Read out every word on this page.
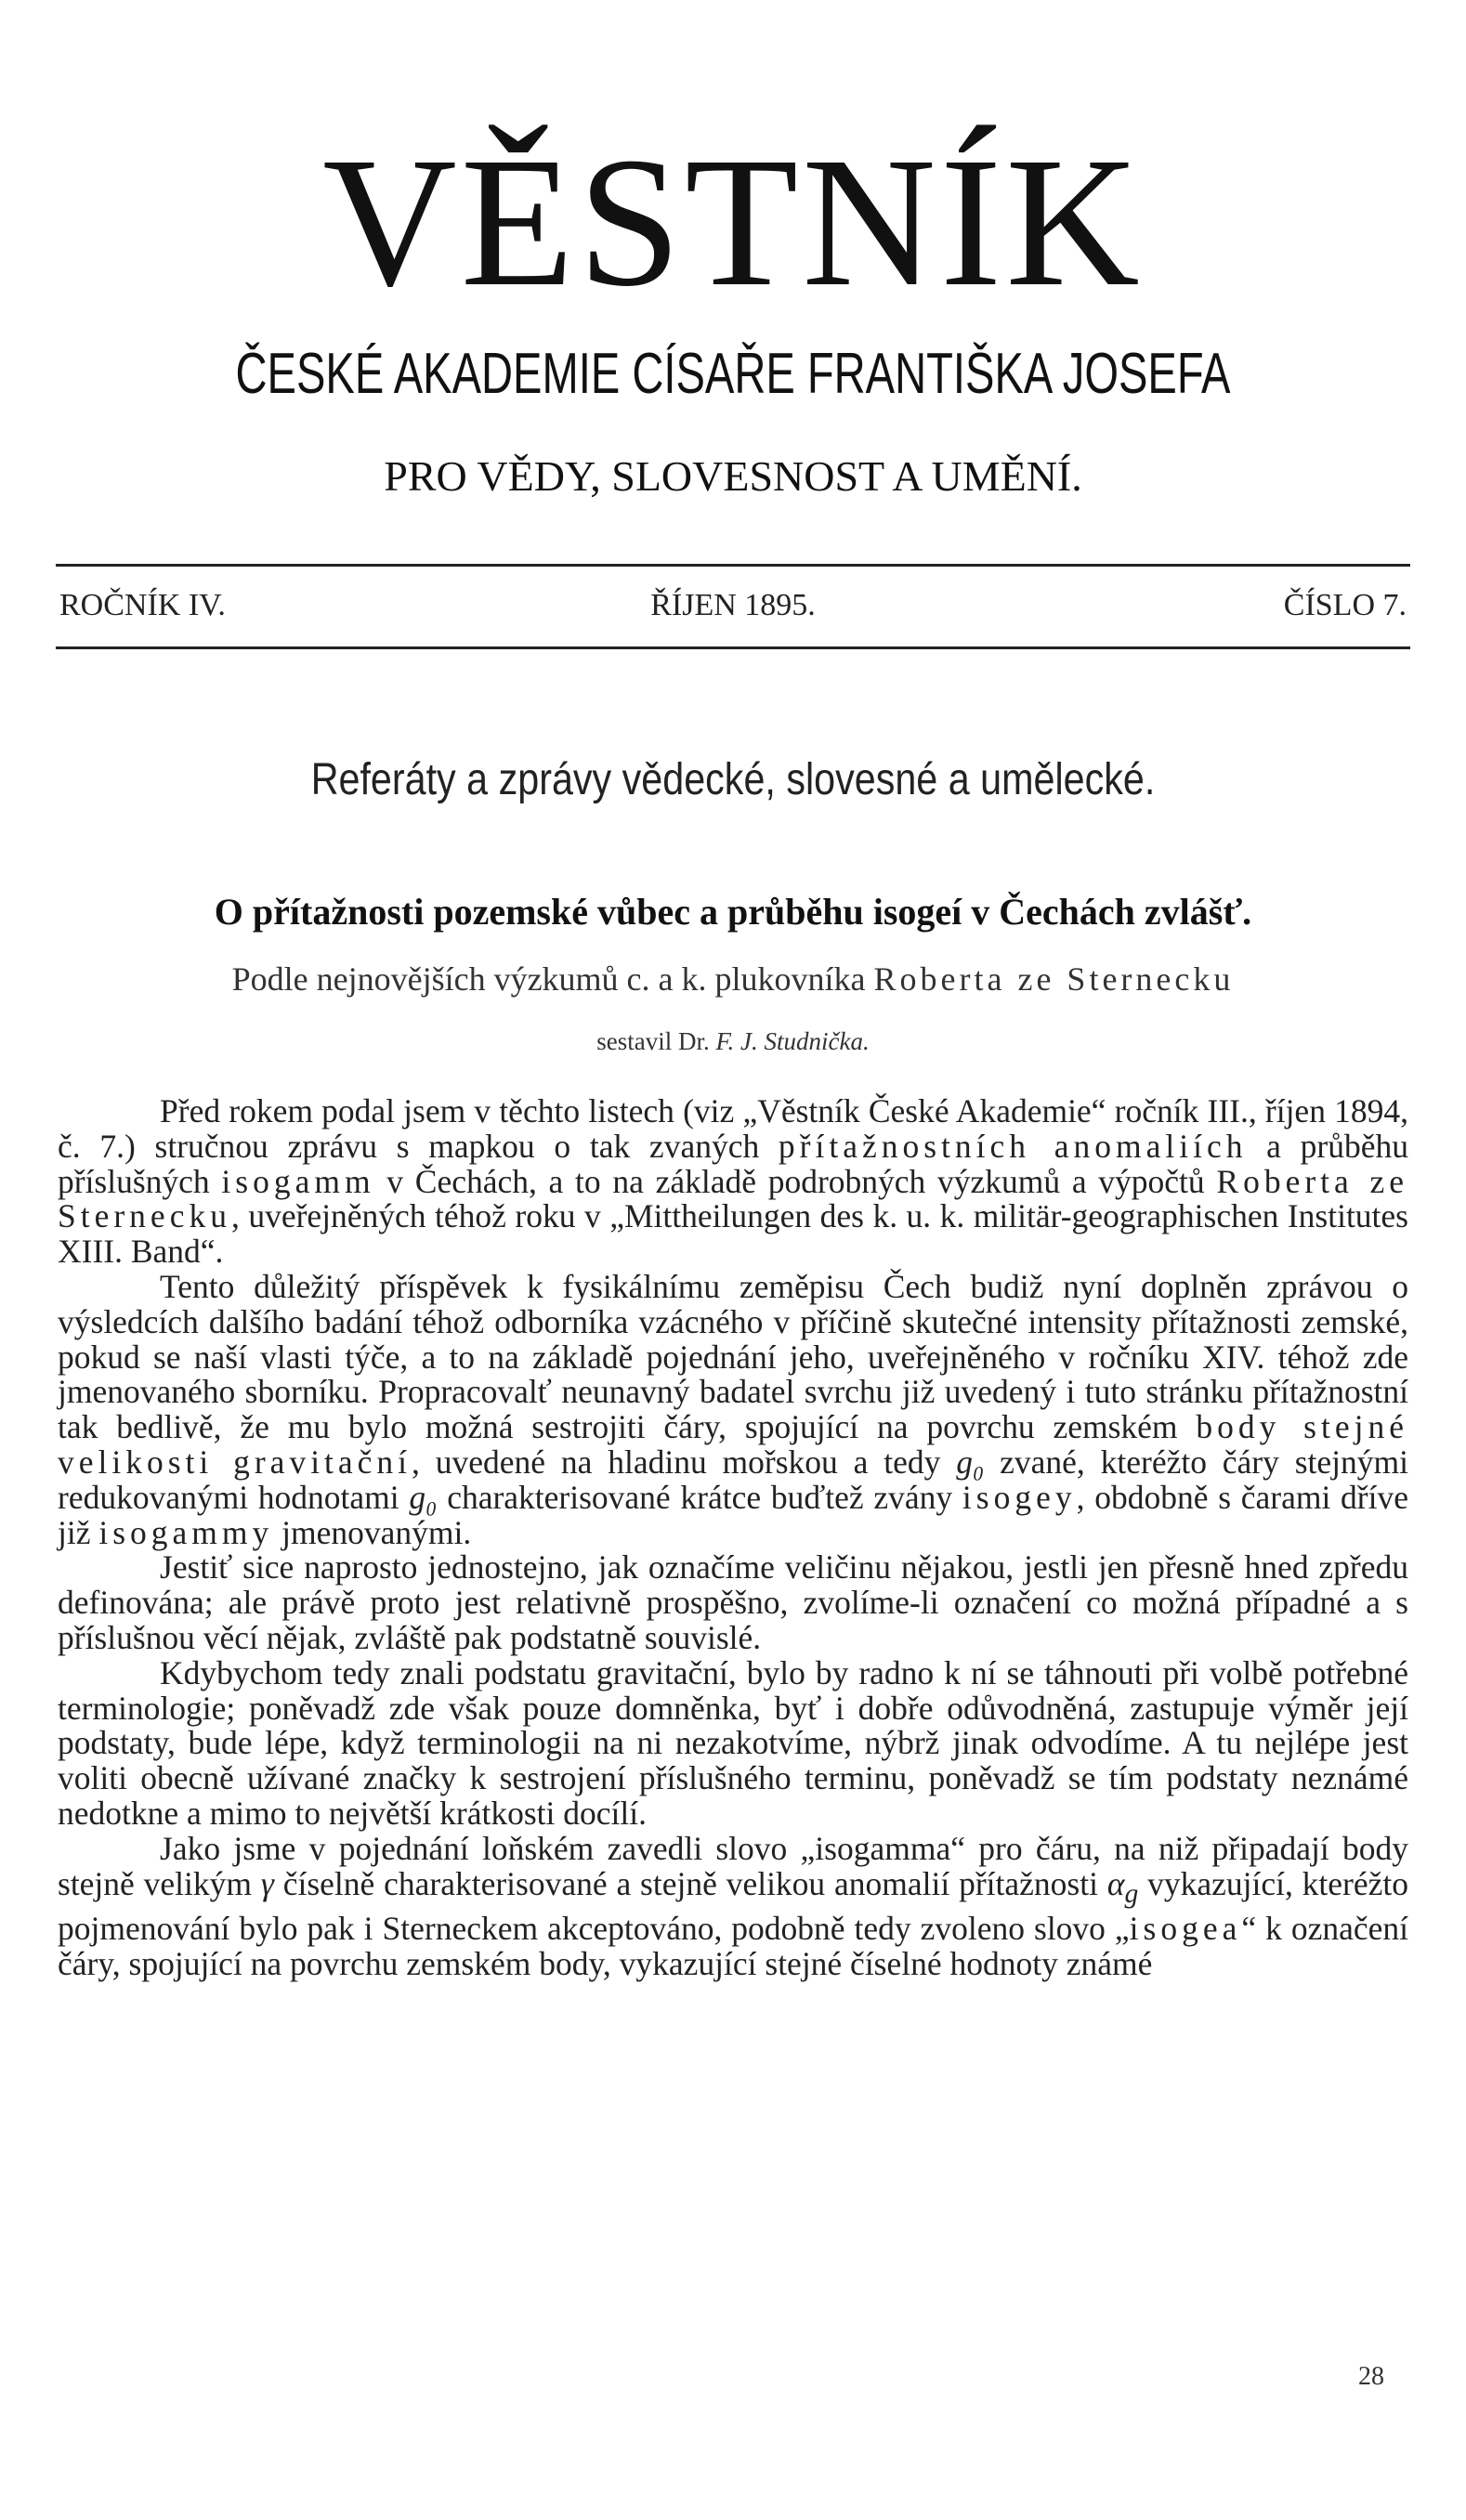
VĚSTNÍK
ČESKÉ AKADEMIE CÍSAŘE FRANTIŠKA JOSEFA
PRO VĚDY, SLOVESNOST A UMĚNÍ.
ROČNÍK IV.	ŘÍJEN 1895.	ČÍSLO 7.
Referáty a zprávy vědecké, slovesné a umělecké.
O přítažnosti pozemské vůbec a průběhu isogeí v Čechách zvlášť.
Podle nejnovějších výzkumů c. a k. plukovníka Roberta ze Sternecku
sestavil Dr. F. J. Studnička.

Před rokem podal jsem v těchto listech (viz „Věstník České Akademie“ ročník III., říjen 1894, č. 7.) stručnou zprávu s mapkou o tak zvaných přítažnostních anomaliích a průběhu příslušných isogamm v Čechách, a to na základě podrobných výzkumů a výpočtů Roberta ze Sternecku, uveřejněných téhož roku v „Mittheilungen des k. u. k. militär-geographischen Institutes XIII. Band“.

Tento důležitý příspěvek k fysikálnímu zeměpisu Čech budiž nyní doplněn zprávou o výsledcích dalšího badání téhož odborníka vzácného v příčině skutečné intensity přítažnosti zemské, pokud se naší vlasti týče, a to na základě pojednání jeho, uveřejněného v ročníku XIV. téhož zde jmenovaného sborníku. Propracovalť neunavný badatel svrchu již uvedený i tuto stránku přítažnostní tak bedlivě, že mu bylo možná sestrojiti čáry, spojující na povrchu zemském body stejné velikosti gravitační, uvedené na hladinu mořskou a tedy g₀ zvané, kteréžto čáry stejnými redukovanými hodnotami g₀ charakterisované krátce buďtež zvány isogey, obdobně s čarami dříve již isogammy jmenovanými.

Jestiť sice naprosto jednostejno, jak označíme veličinu nějakou, jestli jen přesně hned zpředu definována; ale právě proto jest relativně prospěšno, zvolíme-li označení co možná případné a s příslušnou věcí nějak, zvláště pak podstatně souvislé.

Kdybychom tedy znali podstatu gravitační, bylo by radno k ní se táhnouti při volbě potřebné terminologie; poněvadž zde však pouze domněnka, byť i dobře odůvodněná, zastupuje výměr její podstaty, bude lépe, když terminologii na ni nezakotvíme, nýbrž jinak odvodíme. A tu nejlépe jest voliti obecně užívané značky k sestrojení příslušného terminu, poněvadž se tím podstaty neznámé nedotkne a mimo to největší krátkosti docílí.

Jako jsme v pojednání loňském zavedli slovo „isogamma“ pro čáru, na niž připadají body stejně velikým γ číselně charakterisované a stejně velikou anomalií přítažnosti $\alpha_g$ vykazující, kteréžto pojmenování bylo pak i Sterneckem akceptováno, podobně tedy zvoleno slovo „isogea“ k označení čáry, spojující na povrchu zemském body, vykazující stejné číselné hodnoty známé

28
